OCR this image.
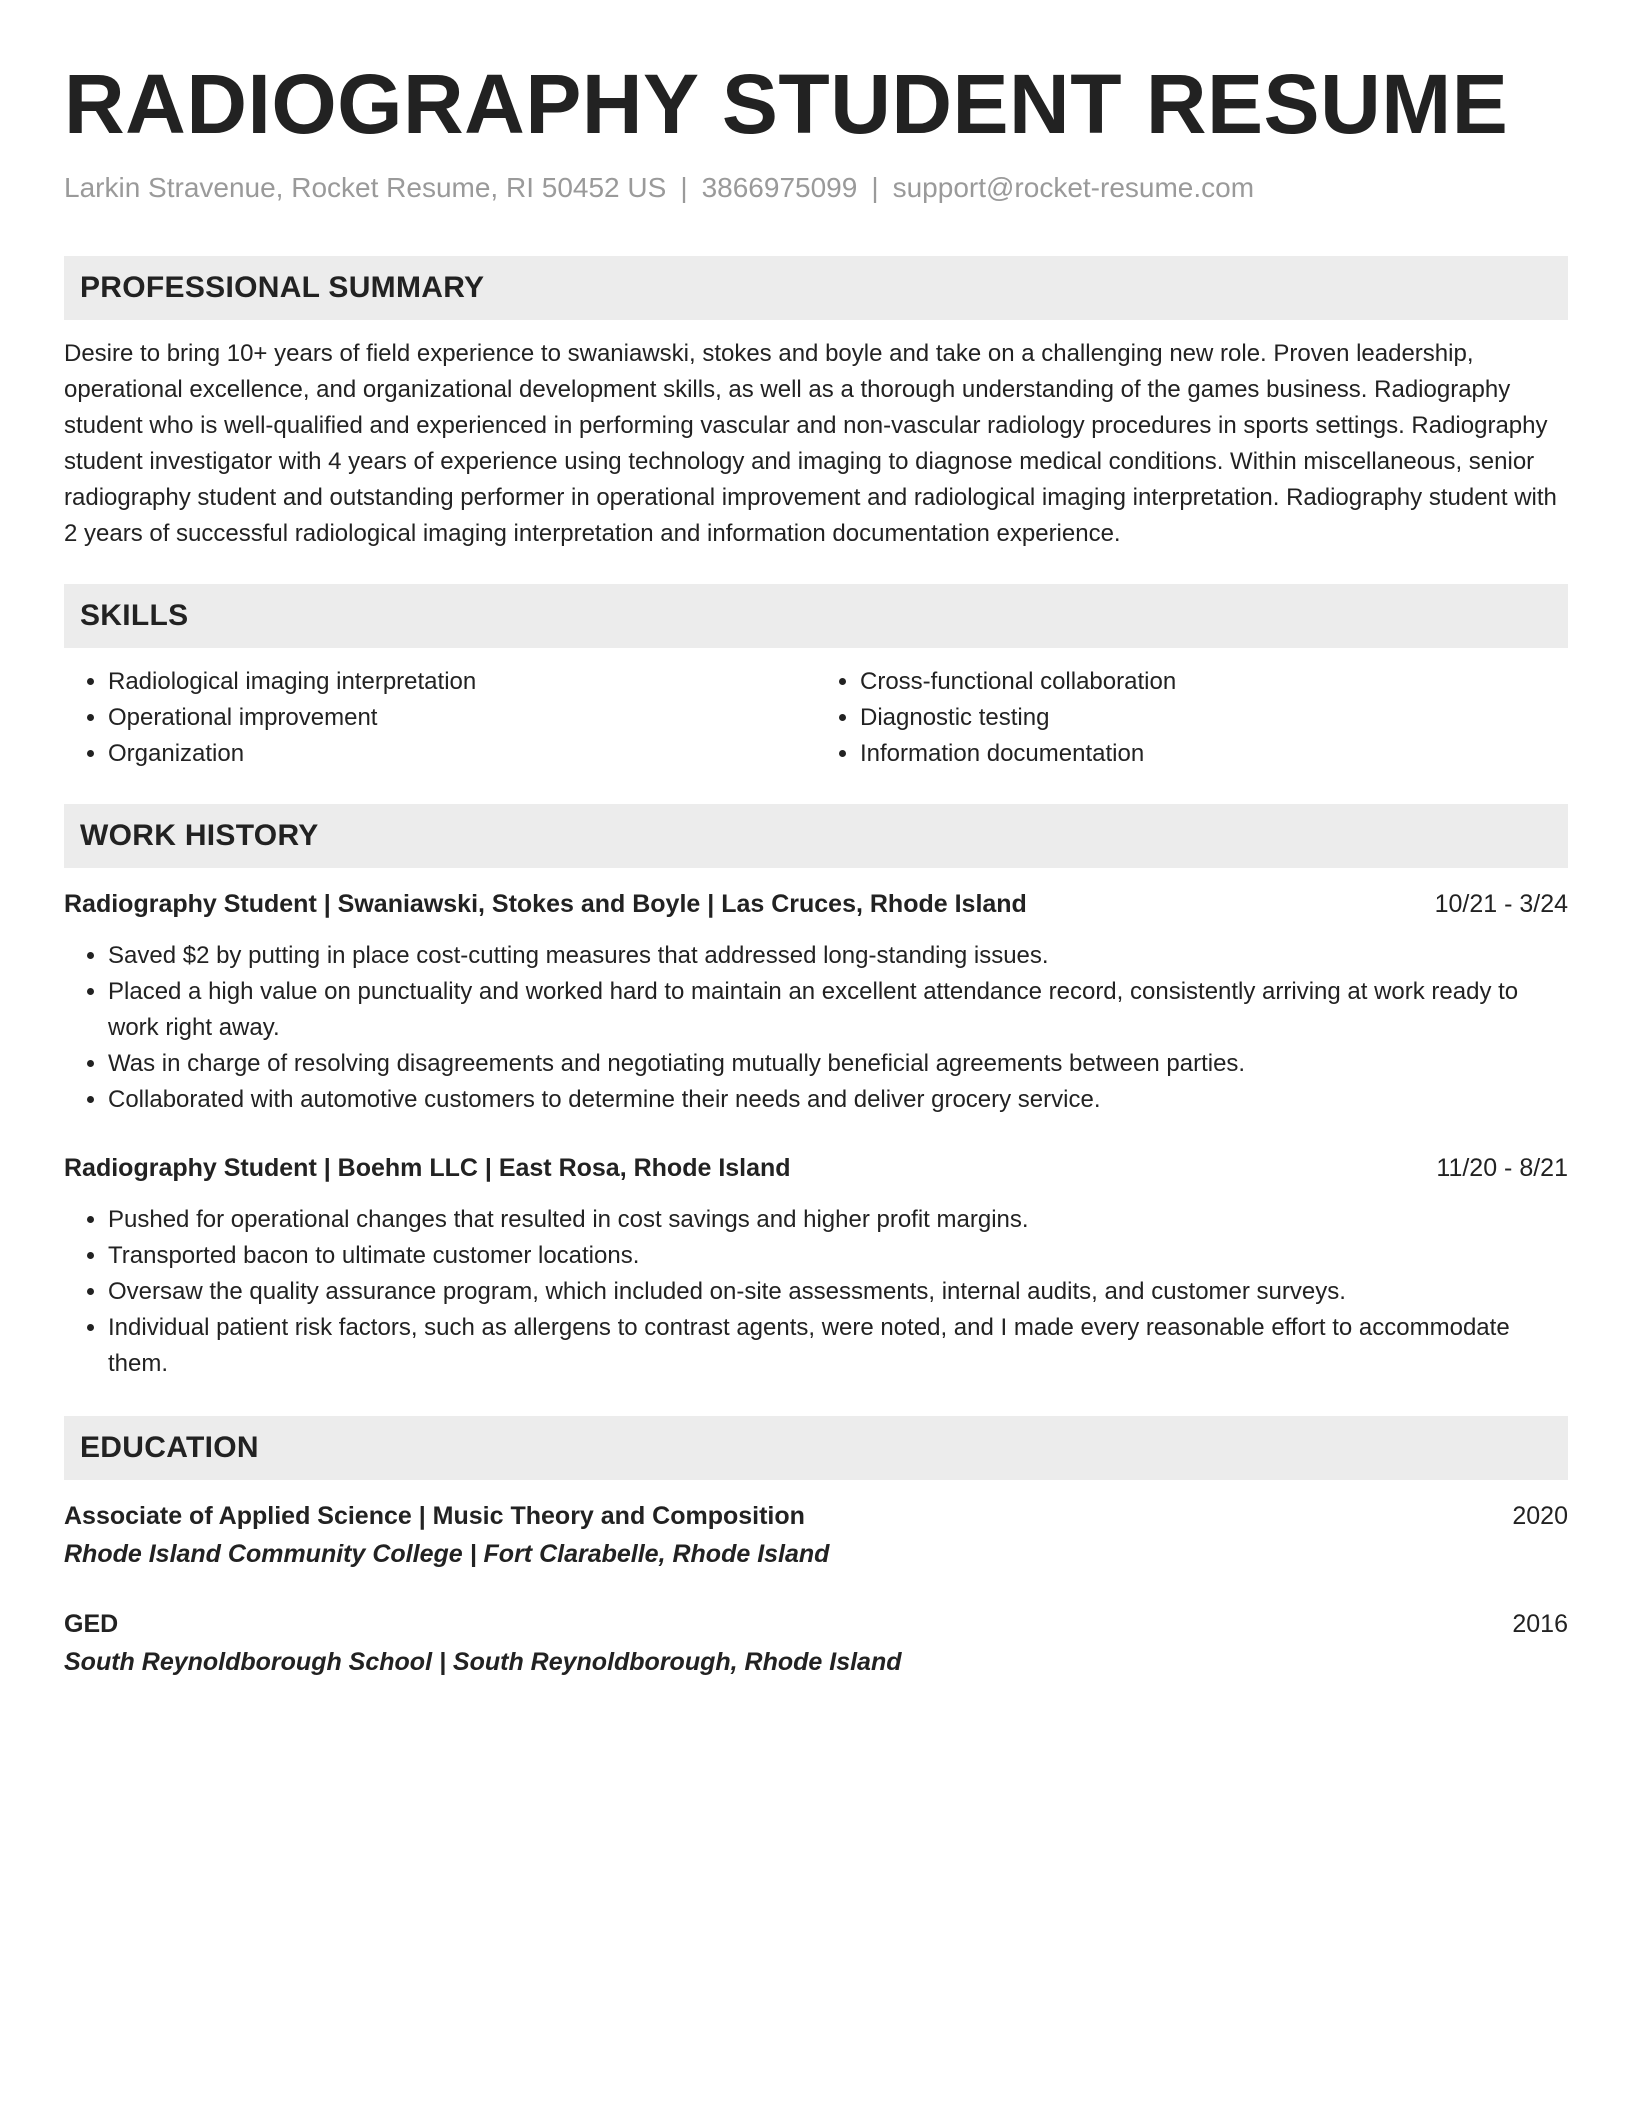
RADIOGRAPHY STUDENT RESUME
Larkin Stravenue, Rocket Resume, RI 50452 US | 3866975099 | support@rocket-resume.com
PROFESSIONAL SUMMARY
Desire to bring 10+ years of field experience to swaniawski, stokes and boyle and take on a challenging new role. Proven leadership, operational excellence, and organizational development skills, as well as a thorough understanding of the games business. Radiography student who is well-qualified and experienced in performing vascular and non-vascular radiology procedures in sports settings. Radiography student investigator with 4 years of experience using technology and imaging to diagnose medical conditions. Within miscellaneous, senior radiography student and outstanding performer in operational improvement and radiological imaging interpretation. Radiography student with 2 years of successful radiological imaging interpretation and information documentation experience.
SKILLS
• Radiological imaging interpretation
• Operational improvement
• Organization
• Cross-functional collaboration
• Diagnostic testing
• Information documentation
WORK HISTORY
Radiography Student | Swaniawski, Stokes and Boyle | Las Cruces, Rhode Island	10/21 - 3/24
• Saved $2 by putting in place cost-cutting measures that addressed long-standing issues.
• Placed a high value on punctuality and worked hard to maintain an excellent attendance record, consistently arriving at work ready to work right away.
• Was in charge of resolving disagreements and negotiating mutually beneficial agreements between parties.
• Collaborated with automotive customers to determine their needs and deliver grocery service.
Radiography Student | Boehm LLC | East Rosa, Rhode Island	11/20 - 8/21
• Pushed for operational changes that resulted in cost savings and higher profit margins.
• Transported bacon to ultimate customer locations.
• Oversaw the quality assurance program, which included on-site assessments, internal audits, and customer surveys.
• Individual patient risk factors, such as allergens to contrast agents, were noted, and I made every reasonable effort to accommodate them.
EDUCATION
Associate of Applied Science | Music Theory and Composition	2020
Rhode Island Community College | Fort Clarabelle, Rhode Island
GED	2016
South Reynoldborough School | South Reynoldborough, Rhode Island
